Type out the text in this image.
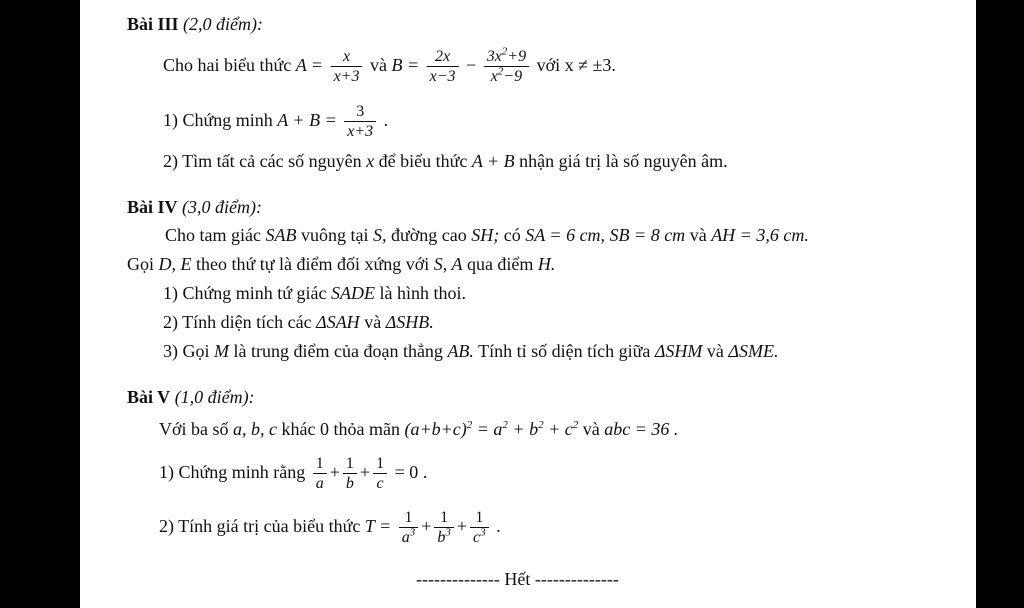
Bài III (2,0 điểm):
Cho hai biểu thức $A = \frac{x}{x+3}$ và $B = \frac{2x}{x-3} - \frac{3x^2+9}{x^2-9}$ với x ≠ ±3.
1) Chứng minh $A + B = \frac{3}{x+3}$ .
2) Tìm tất cả các số nguyên x để biểu thức A + B nhận giá trị là số nguyên âm.
Bài IV (3,0 điểm):
Cho tam giác SAB vuông tại S, đường cao SH; có SA = 6 cm, SB = 8 cm và AH = 3,6 cm.
Gọi D, E theo thứ tự là điểm đối xứng với S, A qua điểm H.
1) Chứng minh tứ giác SADE là hình thoi.
2) Tính diện tích các ΔSAH và ΔSHB.
3) Gọi M là trung điểm của đoạn thẳng AB. Tính tỉ số diện tích giữa ΔSHM và ΔSME.
Bài V (1,0 điểm):
Với ba số a, b, c khác 0 thỏa mãn $(a+b+c)^2 = a^2 + b^2 + c^2$ và abc = 36 .
1) Chứng minh rằng $\frac{1}{a} + \frac{1}{b} + \frac{1}{c} = 0$ .
2) Tính giá trị của biểu thức $T = \frac{1}{a^3} + \frac{1}{b^3} + \frac{1}{c^3}$ .
-------------- Hết --------------
